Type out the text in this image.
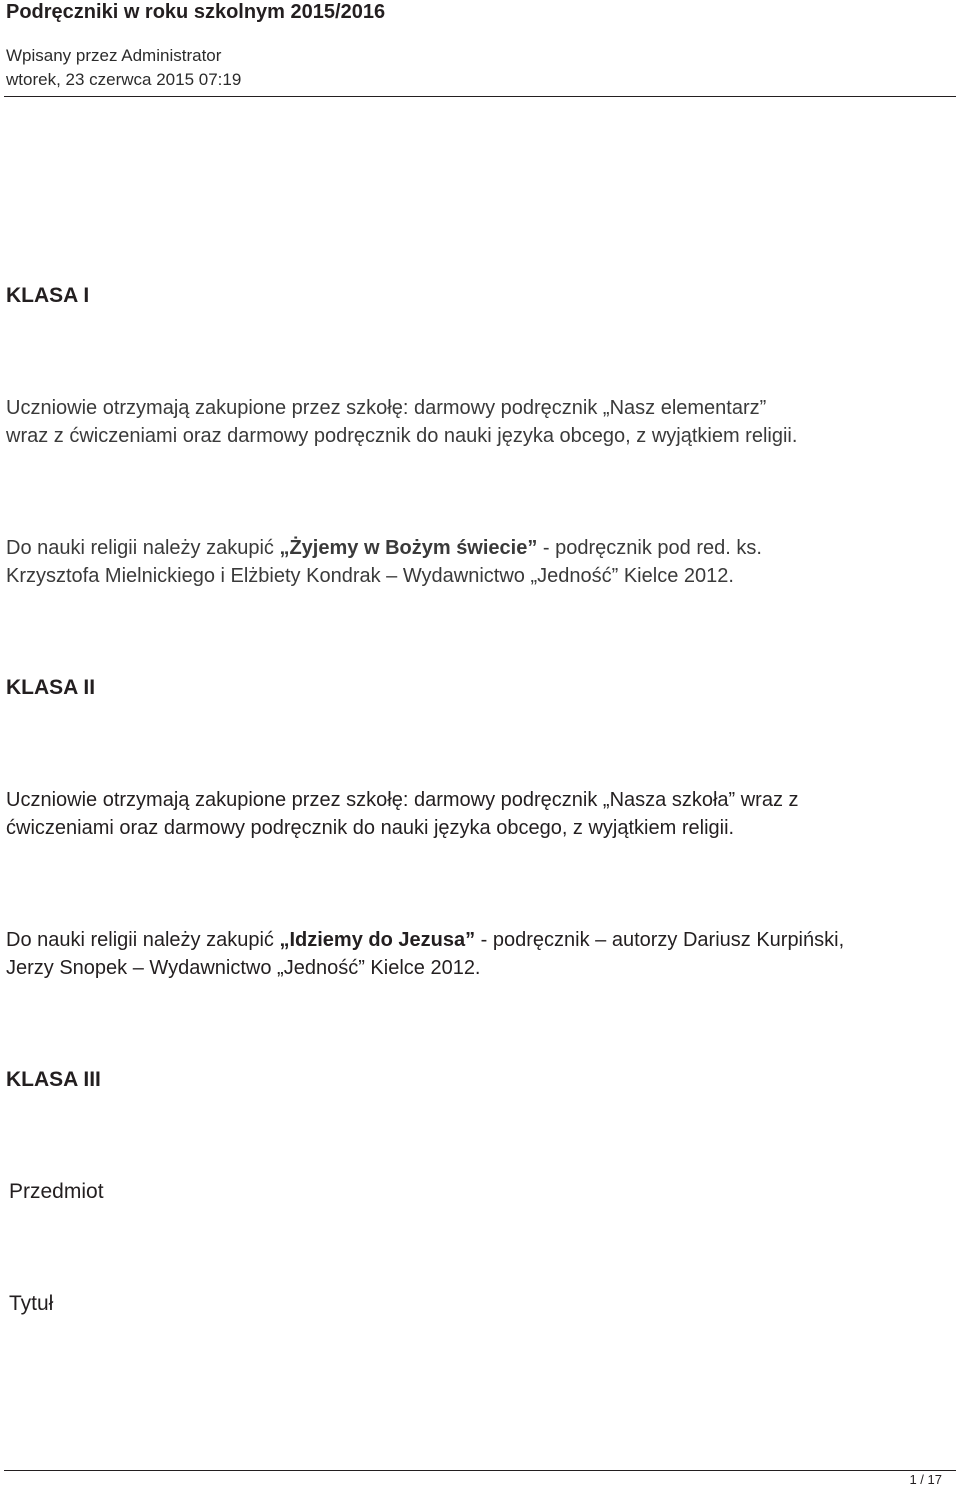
Podręczniki w roku szkolnym 2015/2016
Wpisany przez Administrator
wtorek, 23 czerwca 2015 07:19
KLASA I
Uczniowie otrzymają zakupione przez szkołę: darmowy podręcznik „Nasz elementarz”
wraz z ćwiczeniami oraz darmowy podręcznik do nauki języka obcego, z wyjątkiem religii.
Do nauki religii należy zakupić „Żyjemy w Bożym świecie” - podręcznik pod red. ks.
Krzysztofa Mielnickiego i Elżbiety Kondrak – Wydawnictwo „Jedność” Kielce 2012.
KLASA II
Uczniowie otrzymają zakupione przez szkołę: darmowy podręcznik „Nasza szkoła” wraz z
ćwiczeniami oraz darmowy podręcznik do nauki języka obcego, z wyjątkiem religii.
Do nauki religii należy zakupić „Idziemy do Jezusa” - podręcznik – autorzy Dariusz Kurpiński,
Jerzy Snopek – Wydawnictwo „Jedność” Kielce 2012.
KLASA III
Przedmiot
Tytuł
1 / 17
